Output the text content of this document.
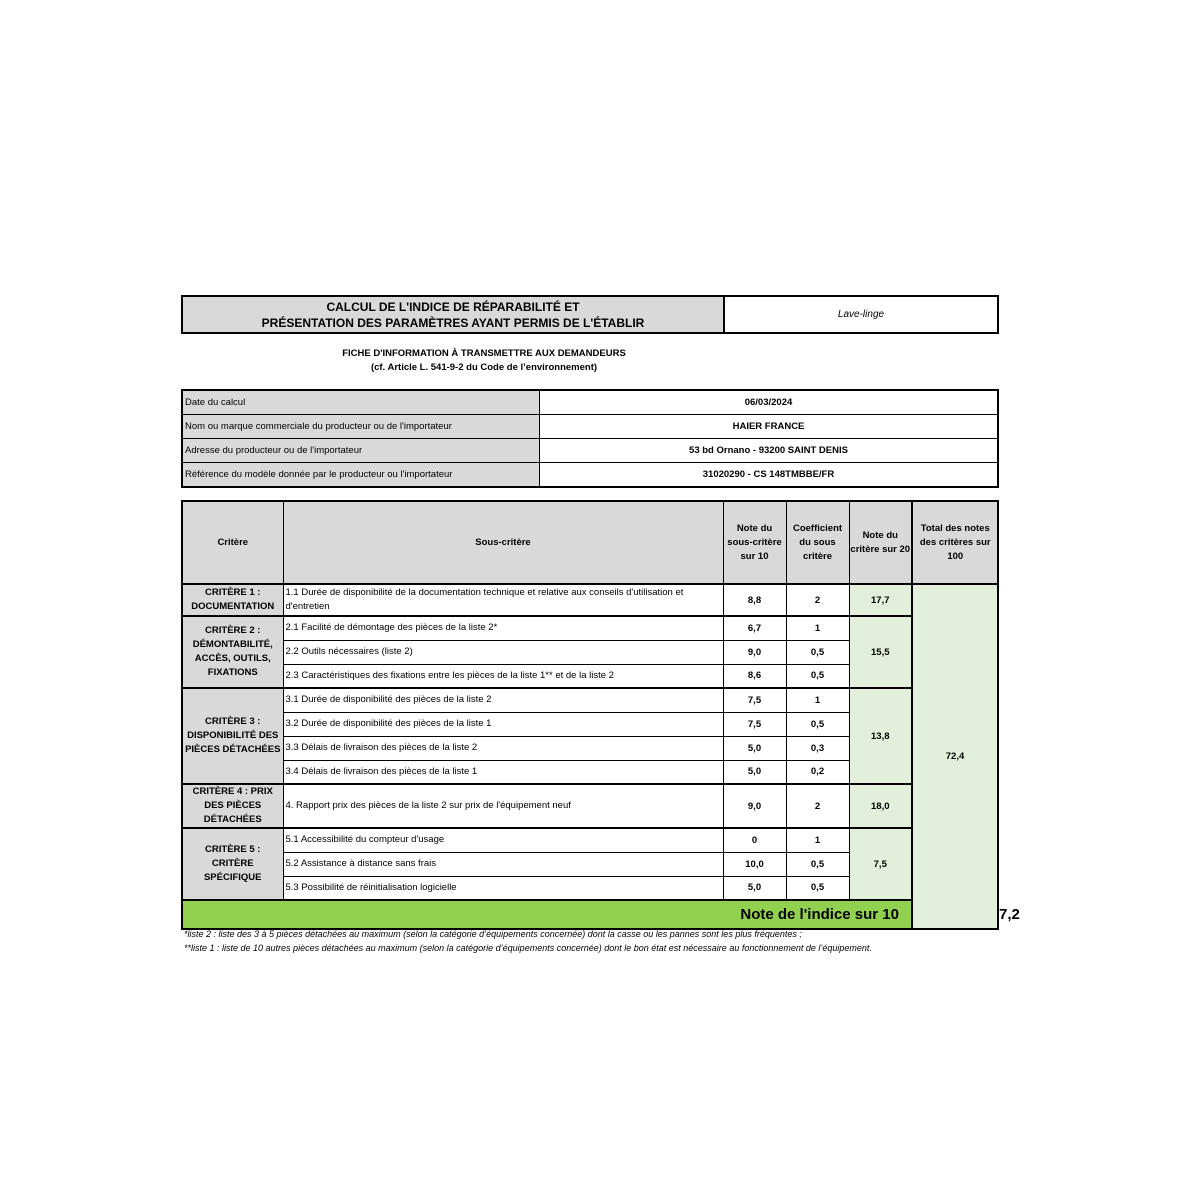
CALCUL DE L'INDICE DE RÉPARABILITÉ ET
PRÉSENTATION DES PARAMÈTRES AYANT PERMIS DE L'ÉTABLIR
	Lave-linge
FICHE D'INFORMATION À TRANSMETTRE AUX DEMANDEURS
(cf. Article L. 541-9-2 du Code de l’environnement)
Date du calcul	06/03/2024
Nom ou marque commerciale du producteur ou de l'importateur	HAIER FRANCE
Adresse du producteur ou de l'importateur	53 bd Ornano - 93200 SAINT DENIS
Référence du modèle donnée par le producteur ou l'importateur	31020290 - CS 148TMBBE/FR
Critère	Sous-critère	Note du sous-critère sur 10	Coefficient du sous critère	Note du critère sur 20	Total des notes des critères sur 100	
CRITÈRE 1 : DOCUMENTATION	1.1 Durée de disponibilité de la documentation technique et relative aux conseils d'utilisation et d'entretien	8,8	2	17,7	72,4	
CRITÈRE 2 : DÉMONTABILITÉ, ACCÈS, OUTILS, FIXATIONS	2.1 Facilité de démontage des pièces de la liste 2*	6,7	1	15,5		
	2.2 Outils nécessaires (liste 2)	9,0	0,5			
	2.3 Caractéristiques des fixations entre les pièces de la liste 1** et de la liste 2	8,6	0,5			
CRITÈRE 3 : DISPONIBILITÉ DES PIÈCES DÉTACHÉES	3.1 Durée de disponibilité des pièces de la liste 2	7,5	1	13,8		
	3.2 Durée de disponibilité des pièces de la liste 1	7,5	0,5			
	3.3 Délais de livraison des pièces de la liste 2	5,0	0,3			
	3.4 Délais de livraison des pièces de la liste 1	5,0	0,2			
CRITÈRE 4 : PRIX DES PIÈCES DÉTACHÉES	4. Rapport prix des pièces de la liste 2 sur prix de l'équipement neuf	9,0	2	18,0		
CRITÈRE 5 : CRITÈRE SPÉCIFIQUE	5.1 Accessibilité du compteur d'usage	0	1	7,5		
	5.2 Assistance à distance sans frais	10,0	0,5			
	5.3 Possibilité de réinitialisation logicielle	5,0	0,5			
Note de l'indice sur 10						7,2
*liste 2 : liste des 3 à 5 pièces détachées au maximum (selon la catégorie d’équipements concernée) dont la casse ou les pannes sont les plus fréquentes ;
**liste 1 : liste de 10 autres pièces détachées au maximum (selon la catégorie d’équipements concernée) dont le bon état est nécessaire au fonctionnement de l’équipement.
